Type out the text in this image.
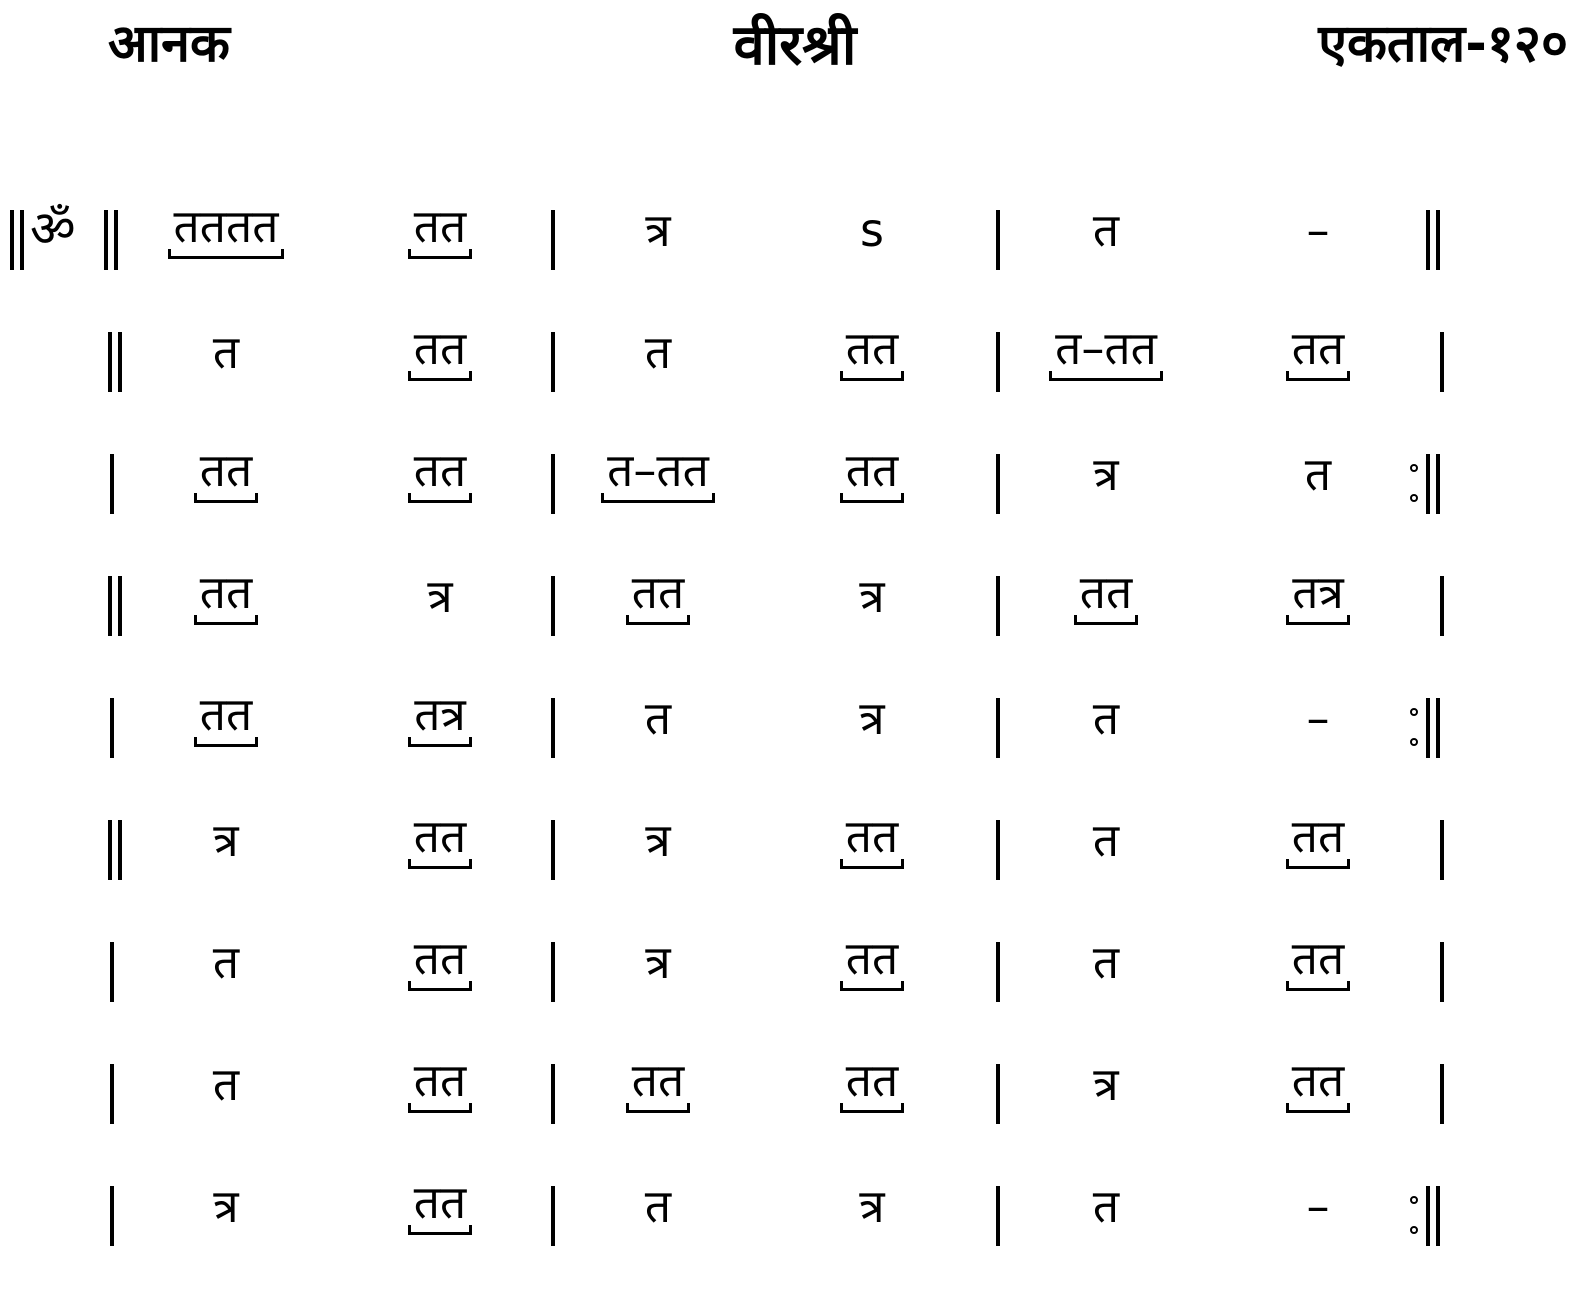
आनक	वीरश्री	एकताल-१२०
ॐ	तततत	तत	त्र	s	त	–
त	तत	त	तत	त–तत	तत
तत	तत	त–तत	तत	त्र	त
तत	त्र	तत	त्र	तत	तत्र
तत	तत्र	त	त्र	त	–
त्र	तत	त्र	तत	त	तत
त	तत	त्र	तत	त	तत
त	तत	तत	तत	त्र	तत
त्र	तत	त	त्र	त	–
